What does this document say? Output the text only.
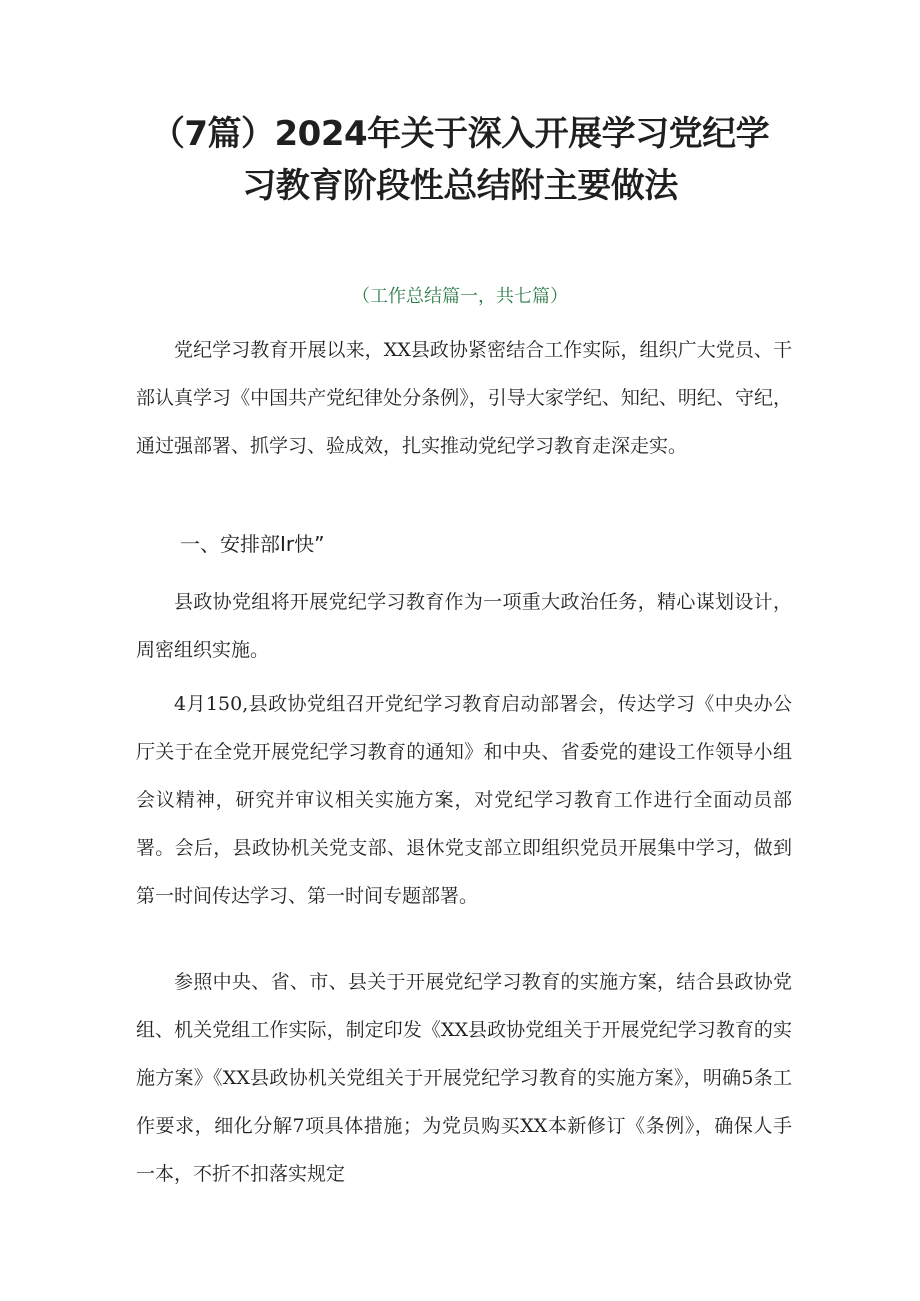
（7篇）2024年关于深入开展学习党纪学
习教育阶段性总结附主要做法

（工作总结篇一，共七篇）

党纪学习教育开展以来，XX县政协紧密结合工作实际，组织广大党员、干部认真学习《中国共产党纪律处分条例》，引导大家学纪、知纪、明纪、守纪，通过强部署、抓学习、验成效，扎实推动党纪学习教育走深走实。

一、安排部Ir快”

县政协党组将开展党纪学习教育作为一项重大政治任务，精心谋划设计，周密组织实施。

4月150,县政协党组召开党纪学习教育启动部署会，传达学习《中央办公厅关于在全党开展党纪学习教育的通知》和中央、省委党的建设工作领导小组会议精神，研究并审议相关实施方案，对党纪学习教育工作进行全面动员部署。会后，县政协机关党支部、退休党支部立即组织党员开展集中学习，做到第一时间传达学习、第一时间专题部署。

参照中央、省、市、县关于开展党纪学习教育的实施方案，结合县政协党组、机关党组工作实际，制定印发《XX县政协党组关于开展党纪学习教育的实施方案》《XX县政协机关党组关于开展党纪学习教育的实施方案》，明确5条工作要求，细化分解7项具体措施；为党员购买XX本新修订《条例》，确保人手一本，不折不扣落实规定
